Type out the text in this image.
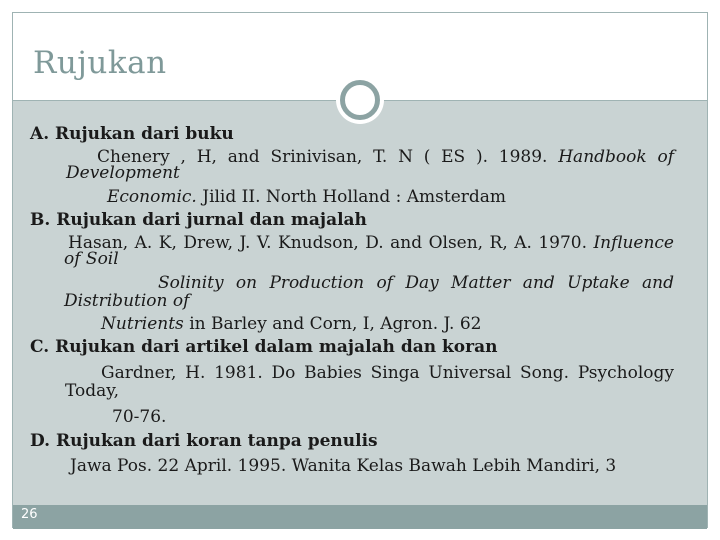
Rujukan
26

A. Rujukan dari buku

Chenery , H, and Srinivisan, T. N ( ES ). 1989. Handbook of

Development

Economic. Jilid II. North Holland : Amsterdam

B. Rujukan dari jurnal dan majalah

Hasan, A. K, Drew, J. V. Knudson, D. and Olsen, R, A. 1970. Influence

of Soil

Solinity on Production of Day Matter and Uptake and

Distribution of

Nutrients in Barley and Corn, I, Agron. J. 62

C. Rujukan dari artikel dalam majalah dan koran

Gardner, H. 1981. Do Babies Singa Universal Song. Psychology

Today,

70-76.

D. Rujukan dari koran tanpa penulis

Jawa Pos. 22 April. 1995. Wanita Kelas Bawah Lebih Mandiri, 3
